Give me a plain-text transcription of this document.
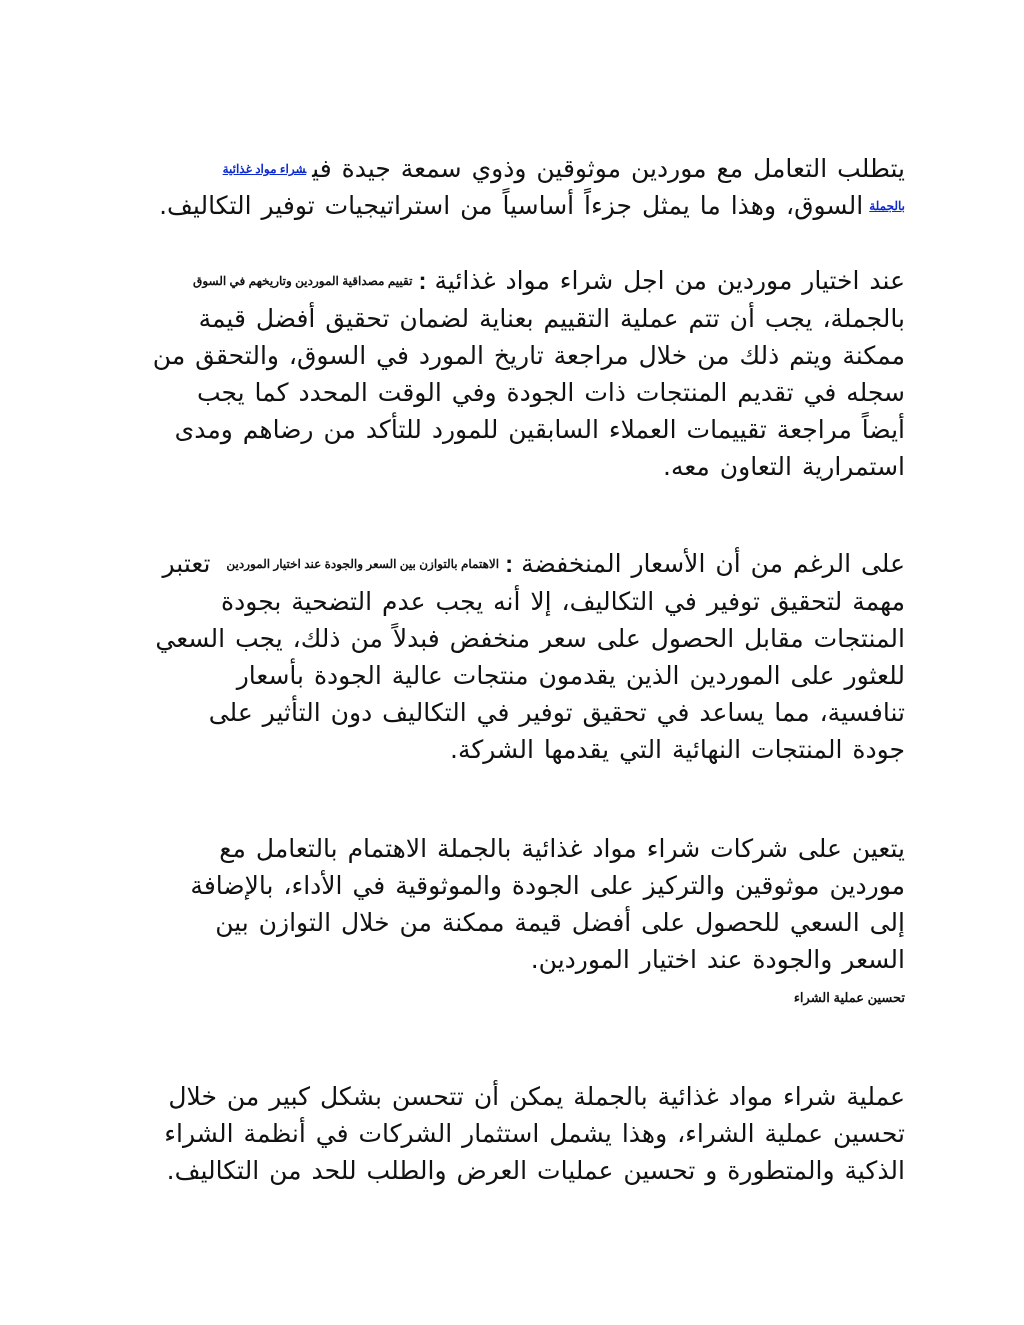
يتطلب التعامل مع موردين موثوقين وذوي سمعة جيدة فيشراء مواد غذائية بالجملةالسوق، وهذا ما يمثل جزءاً أساسياً من استراتيجيات توفير التكاليف.

عند اختيار موردين من اجل شراء مواد غذائية:تقييم مصداقية الموردين وتاريخهم في السوق بالجملة، يجب أن تتم عملية التقييم بعناية لضمان تحقيق أفضل قيمة ممكنة ويتم ذلك من خلال مراجعة تاريخ المورد في السوق، والتحقق من سجله في تقديم المنتجات ذات الجودة وفي الوقت المحدد كما يجب أيضاً مراجعة تقييمات العملاء السابقين للمورد للتأكد من رضاهم ومدى استمرارية التعاون معه.

على الرغم من أن الأسعار المنخفضة:الاهتمام بالتوازن بين السعر والجودة عند اختيار الموردين تعتبر مهمة لتحقيق توفير في التكاليف، إلا أنه يجب عدم التضحية بجودة المنتجات مقابل الحصول على سعر منخفض فبدلاً من ذلك، يجب السعي للعثور على الموردين الذين يقدمون منتجات عالية الجودة بأسعار تنافسية، مما يساعد في تحقيق توفير في التكاليف دون التأثير على جودة المنتجات النهائية التي يقدمها الشركة.

يتعين على شركات شراء مواد غذائية بالجملة الاهتمام بالتعامل مع موردين موثوقين والتركيز على الجودة والموثوقية في الأداء، بالإضافة إلى السعي للحصول على أفضل قيمة ممكنة من خلال التوازن بين السعر والجودة عند اختيار الموردين.

تحسين عملية الشراء

عملية شراء مواد غذائية بالجملة يمكن أن تتحسن بشكل كبير من خلال تحسين عملية الشراء، وهذا يشمل استثمار الشركات في أنظمة الشراء الذكية والمتطورة و تحسين عمليات العرض والطلب للحد من التكاليف.
